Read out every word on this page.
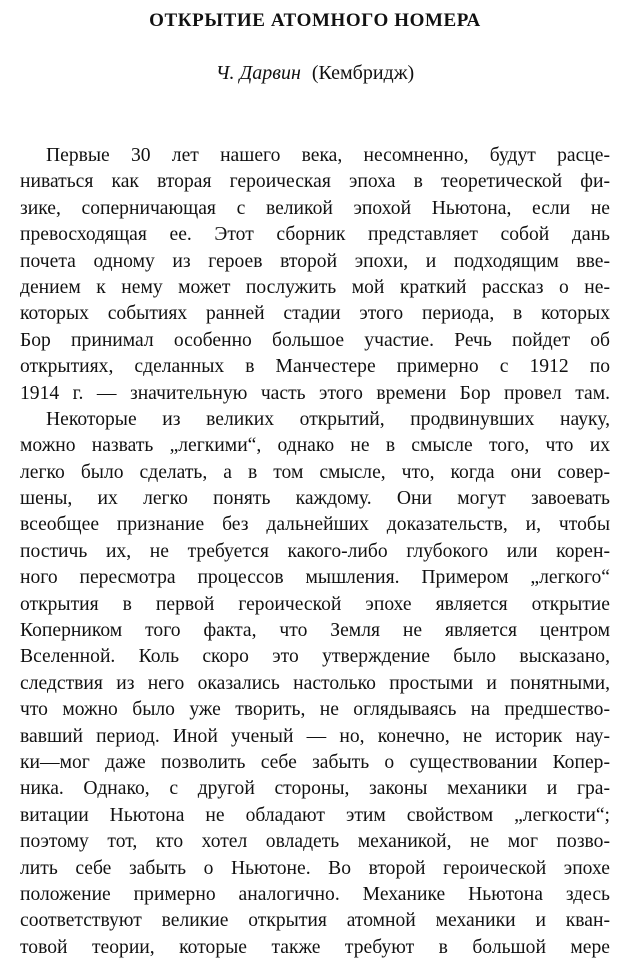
ОТКРЫТИЕ АТОМНОГО НОМЕРА
Ч. Дарвин (Кембридж)
Первые 30 лет нашего века, несомненно, будут расце-
ниваться как вторая героическая эпоха в теоретической фи-
зике, соперничающая с великой эпохой Ньютона, если не
превосходящая ее. Этот сборник представляет собой дань
почета одному из героев второй эпохи, и подходящим вве-
дением к нему может послужить мой краткий рассказ о не-
которых событиях ранней стадии этого периода, в которых
Бор принимал особенно большое участие. Речь пойдет об
открытиях, сделанных в Манчестере примерно с 1912 по
1914 г. — значительную часть этого времени Бор провел там.
Некоторые из великих открытий, продвинувших науку,
можно назвать „легкими“, однако не в смысле того, что их
легко было сделать, а в том смысле, что, когда они совер-
шены, их легко понять каждому. Они могут завоевать
всеобщее признание без дальнейших доказательств, и, чтобы
постичь их, не требуется какого-либо глубокого или корен-
ного пересмотра процессов мышления. Примером „легкого“
открытия в первой героической эпохе является открытие
Коперником того факта, что Земля не является центром
Вселенной. Коль скоро это утверждение было высказано,
следствия из него оказались настолько простыми и понятными,
что можно было уже творить, не оглядываясь на предшество-
вавший период. Иной ученый — но, конечно, не историк нау-
ки—мог даже позволить себе забыть о существовании Копер-
ника. Однако, с другой стороны, законы механики и гра-
витации Ньютона не обладают этим свойством „легкости“;
поэтому тот, кто хотел овладеть механикой, не мог позво-
лить себе забыть о Ньютоне. Во второй героической эпохе
положение примерно аналогично. Механике Ньютона здесь
соответствуют великие открытия атомной механики и кван-
товой теории, которые также требуют в большой мере
